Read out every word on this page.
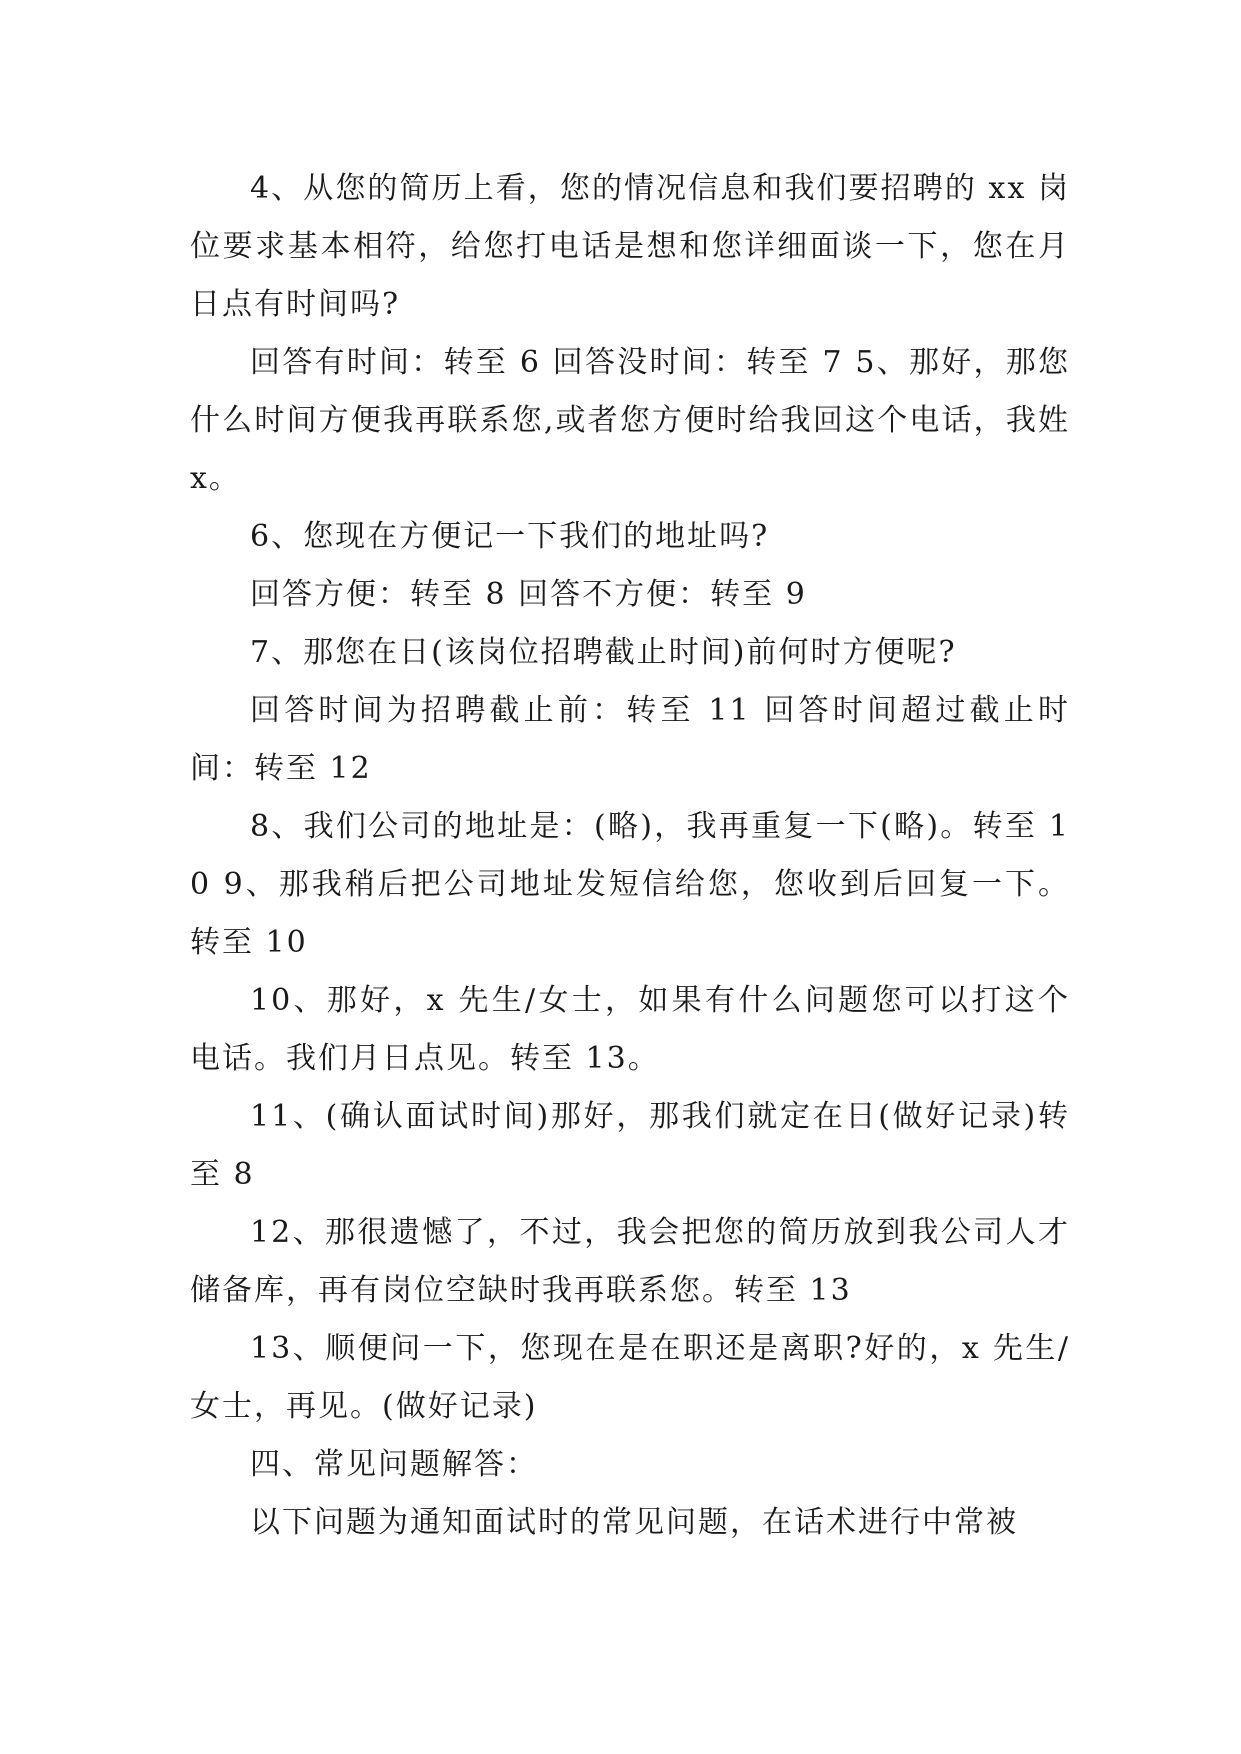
4、从您的简历上看，您的情况信息和我们要招聘的 xx 岗位要求基本相符，给您打电话是想和您详细面谈一下，您在月日点有时间吗?

回答有时间：转至 6 回答没时间：转至 7 5、那好，那您什么时间方便我再联系您,或者您方便时给我回这个电话，我姓 x。

6、您现在方便记一下我们的地址吗?

回答方便：转至 8 回答不方便：转至 9

7、那您在日(该岗位招聘截止时间)前何时方便呢?

回答时间为招聘截止前：转至 11 回答时间超过截止时间：转至 12

8、我们公司的地址是：(略)，我再重复一下(略)。转至 10 9、那我稍后把公司地址发短信给您，您收到后回复一下。转至 10

10、那好，x 先生/女士，如果有什么问题您可以打这个电话。我们月日点见。转至 13。

11、(确认面试时间)那好，那我们就定在日(做好记录)转至 8

12、那很遗憾了，不过，我会把您的简历放到我公司人才储备库，再有岗位空缺时我再联系您。转至 13

13、顺便问一下，您现在是在职还是离职?好的，x 先生/女士，再见。(做好记录)

四、常见问题解答：

以下问题为通知面试时的常见问题，在话术进行中常被
